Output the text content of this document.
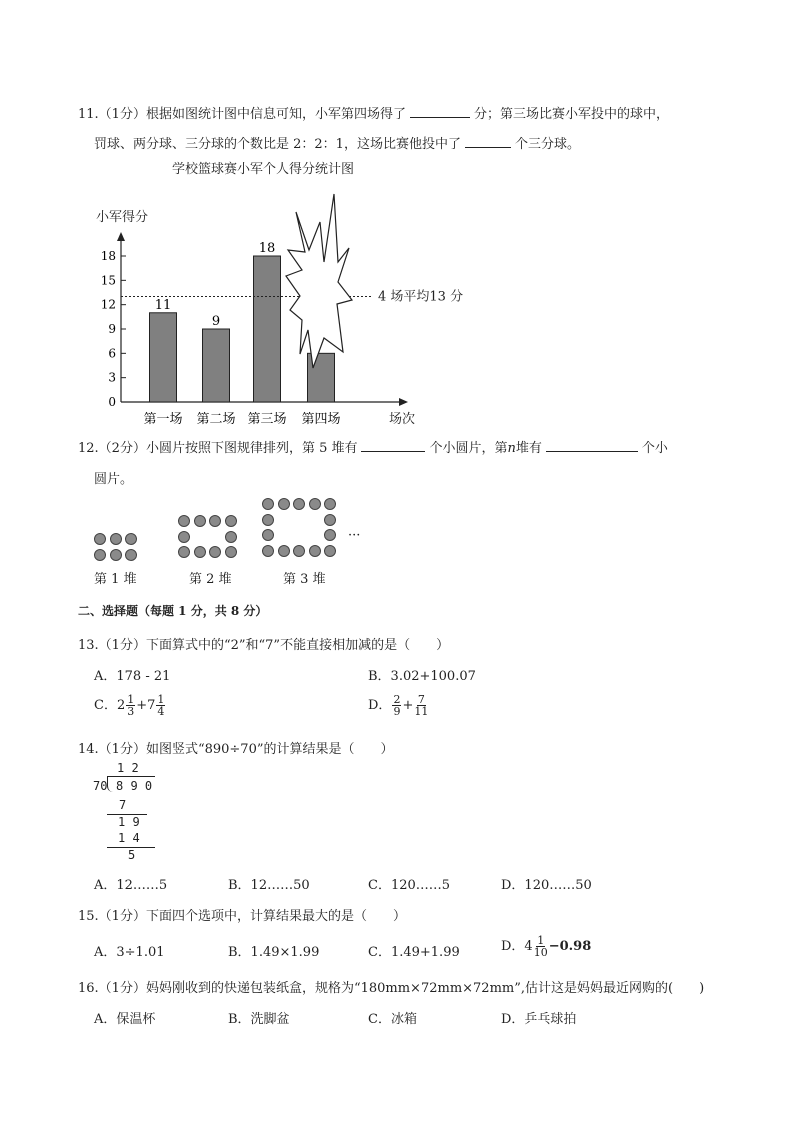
11.（1分）根据如图统计图中信息可知，小军第四场得了	分；第三场比赛小军投中的球中，
罚球、两分球、三分球的个数比是 2：2：1，这场比赛他投中了	个三分球。
学校篮球赛小军个人得分统计图
小军得分
场次
0
3
6
9
12
15
18
11
第一场
9
第二场
18
第三场 第四场
4 场平均13 分
12.（2分）小圆片按照下图规律排列，第 5 堆有	个小圆片，第n堆有	个小
圆片。
第 1 堆	第 2 堆	第 3 堆
···
二、选择题（每题 1 分，共 8 分）
13.（1分）下面算式中的“2”和“7”不能直接相加减的是（　　）
A．178 - 21	B．3.02+100.07
C．$2 \frac{1}{3} +7 \frac{1}{4}$	D． $\frac{2}{9} + \frac{7}{11}$
14.（1分）如图竖式“890÷70”的计算结果是（　　）
1 2
70 8 9 0
7
1 9
1 4
5
A．12……5	B．12……50	C．120……5	D．120……50
15.（1分）下面四个选项中，计算结果最大的是（　　）
A．3÷1.01	B．1.49×1.99	C．1.49+1.99	D．$4 \frac{1}{10} -0.98$
16.（1分）妈妈刚收到的快递包装纸盒，规格为“180mm×72mm×72mm”,估计这是妈妈最近网购的(　　)
A．保温杯	B．洗脚盆	C．冰箱	D．乒乓球拍
